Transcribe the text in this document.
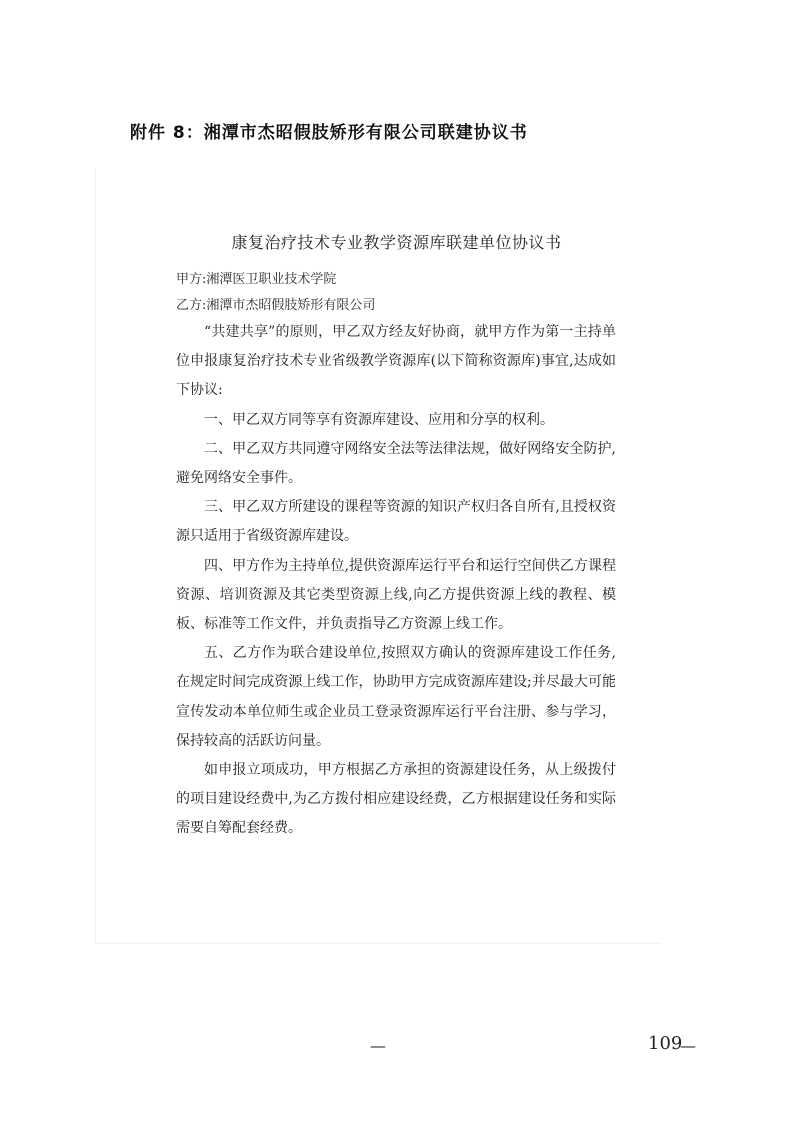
附件 8：湘潭市杰昭假肢矫形有限公司联建协议书
康复治疗技术专业教学资源库联建单位协议书
甲方:湘潭医卫职业技术学院
乙方:湘潭市杰昭假肢矫形有限公司

“共建共享”的原则，甲乙双方经友好协商，就甲方作为第一主持单位申报康复治疗技术专业省级教学资源库(以下简称资源库)事宜,达成如下协议:

一、甲乙双方同等享有资源库建设、应用和分享的权利。

二、甲乙双方共同遵守网络安全法等法律法规，做好网络安全防护,避免网络安全事件。

三、甲乙双方所建设的课程等资源的知识产权归各自所有,且授权资源只适用于省级资源库建设。

四、甲方作为主持单位,提供资源库运行平台和运行空间供乙方课程资源、培训资源及其它类型资源上线,向乙方提供资源上线的教程、模板、标准等工作文件，并负责指导乙方资源上线工作。

五、乙方作为联合建设单位,按照双方确认的资源库建设工作任务,在规定时间完成资源上线工作，协助甲方完成资源库建设;并尽最大可能宣传发动本单位师生或企业员工登录资源库运行平台注册、参与学习，保持较高的活跃访问量。

如申报立项成功，甲方根据乙方承担的资源建设任务，从上级拨付的项目建设经费中,为乙方拨付相应建设经费，乙方根据建设任务和实际需要自筹配套经费。

—	109
—
